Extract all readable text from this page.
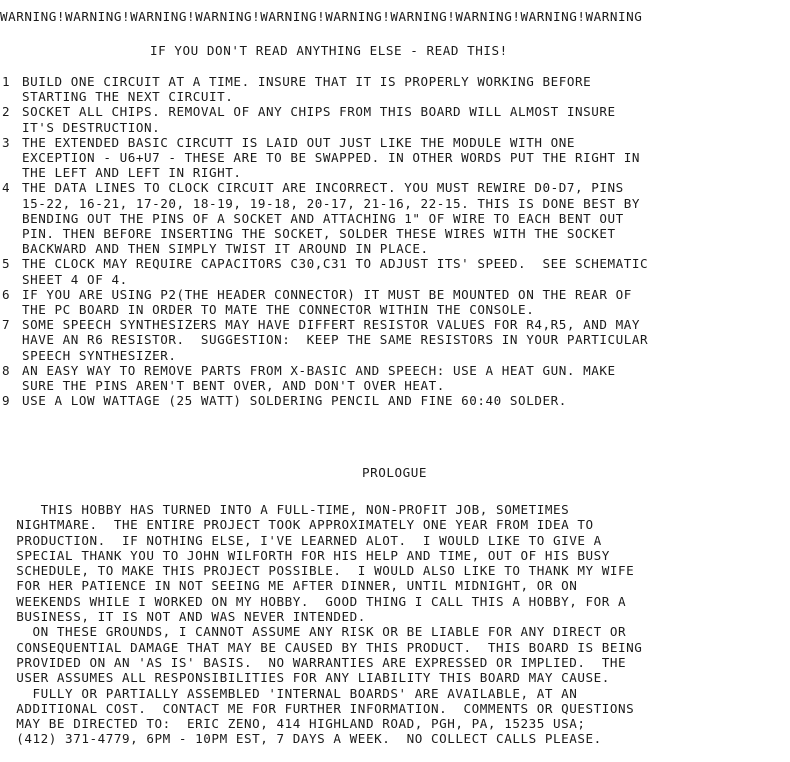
WARNING!WARNING!WARNING!WARNING!WARNING!WARNING!WARNING!WARNING!WARNING!WARNING
IF YOU DON'T READ ANYTHING ELSE - READ THIS!
1 BUILD ONE CIRCUIT AT A TIME. INSURE THAT IT IS PROPERLY WORKING BEFORE
STARTING THE NEXT CIRCUIT.
2 SOCKET ALL CHIPS. REMOVAL OF ANY CHIPS FROM THIS BOARD WILL ALMOST INSURE
IT'S DESTRUCTION.
3 THE EXTENDED BASIC CIRCUTT IS LAID OUT JUST LIKE THE MODULE WITH ONE
EXCEPTION - U6+U7 - THESE ARE TO BE SWAPPED. IN OTHER WORDS PUT THE RIGHT IN
THE LEFT AND LEFT IN RIGHT.
4 THE DATA LINES TO CLOCK CIRCUIT ARE INCORRECT. YOU MUST REWIRE D0-D7, PINS
15-22, 16-21, 17-20, 18-19, 19-18, 20-17, 21-16, 22-15. THIS IS DONE BEST BY
BENDING OUT THE PINS OF A SOCKET AND ATTACHING 1" OF WIRE TO EACH BENT OUT
PIN. THEN BEFORE INSERTING THE SOCKET, SOLDER THESE WIRES WITH THE SOCKET
BACKWARD AND THEN SIMPLY TWIST IT AROUND IN PLACE.
5 THE CLOCK MAY REQUIRE CAPACITORS C30,C31 TO ADJUST ITS' SPEED.  SEE SCHEMATIC
SHEET 4 OF 4.
6 IF YOU ARE USING P2(THE HEADER CONNECTOR) IT MUST BE MOUNTED ON THE REAR OF
THE PC BOARD IN ORDER TO MATE THE CONNECTOR WITHIN THE CONSOLE.
7 SOME SPEECH SYNTHESIZERS MAY HAVE DIFFERT RESISTOR VALUES FOR R4,R5, AND MAY
HAVE AN R6 RESISTOR.  SUGGESTION:  KEEP THE SAME RESISTORS IN YOUR PARTICULAR
SPEECH SYNTHESIZER.
8 AN EASY WAY TO REMOVE PARTS FROM X-BASIC AND SPEECH: USE A HEAT GUN. MAKE
SURE THE PINS AREN'T BENT OVER, AND DON'T OVER HEAT.
9 USE A LOW WATTAGE (25 WATT) SOLDERING PENCIL AND FINE 60:40 SOLDER.
PROLOGUE

THIS HOBBY HAS TURNED INTO A FULL-TIME, NON-PROFIT JOB, SOMETIMES
NIGHTMARE.  THE ENTIRE PROJECT TOOK APPROXIMATELY ONE YEAR FROM IDEA TO
PRODUCTION.  IF NOTHING ELSE, I'VE LEARNED ALOT.  I WOULD LIKE TO GIVE A
SPECIAL THANK YOU TO JOHN WILFORTH FOR HIS HELP AND TIME, OUT OF HIS BUSY
SCHEDULE, TO MAKE THIS PROJECT POSSIBLE.  I WOULD ALSO LIKE TO THANK MY WIFE
FOR HER PATIENCE IN NOT SEEING ME AFTER DINNER, UNTIL MIDNIGHT, OR ON
WEEKENDS WHILE I WORKED ON MY HOBBY.  GOOD THING I CALL THIS A HOBBY, FOR A
BUSINESS, IT IS NOT AND WAS NEVER INTENDED.

ON THESE GROUNDS, I CANNOT ASSUME ANY RISK OR BE LIABLE FOR ANY DIRECT OR
CONSEQUENTIAL DAMAGE THAT MAY BE CAUSED BY THIS PRODUCT.  THIS BOARD IS BEING
PROVIDED ON AN 'AS IS' BASIS.  NO WARRANTIES ARE EXPRESSED OR IMPLIED.  THE
USER ASSUMES ALL RESPONSIBILITIES FOR ANY LIABILITY THIS BOARD MAY CAUSE.

FULLY OR PARTIALLY ASSEMBLED 'INTERNAL BOARDS' ARE AVAILABLE, AT AN
ADDITIONAL COST.  CONTACT ME FOR FURTHER INFORMATION.  COMMENTS OR QUESTIONS
MAY BE DIRECTED TO:  ERIC ZENO, 414 HIGHLAND ROAD, PGH, PA, 15235 USA;
(412) 371-4779, 6PM - 10PM EST, 7 DAYS A WEEK.  NO COLLECT CALLS PLEASE.
